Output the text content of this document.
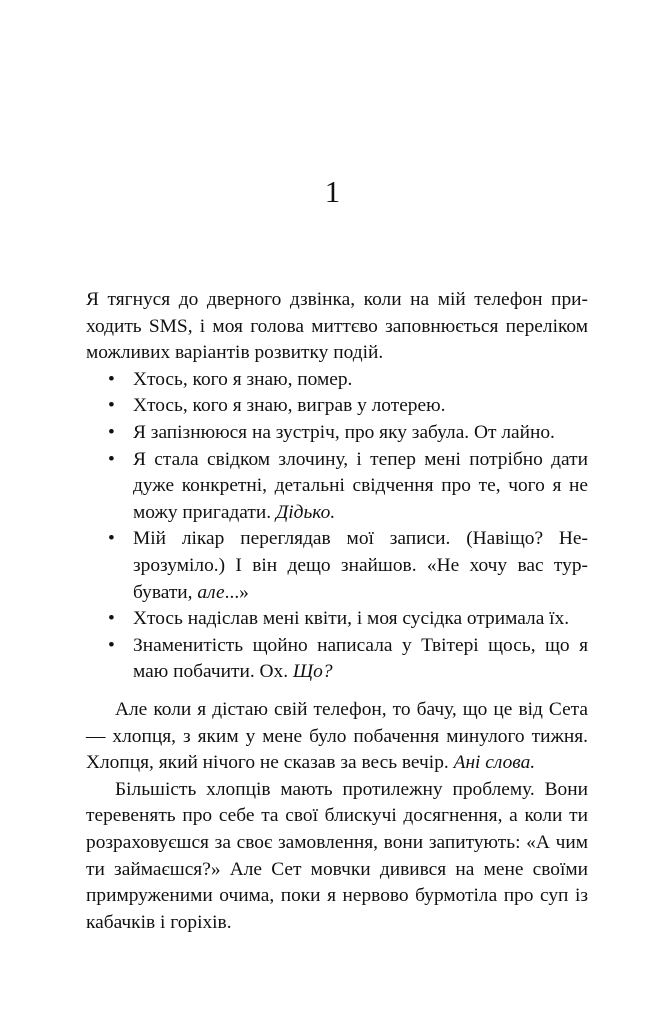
1

Я тягнуся до дверного дзвінка, коли на мій телефон приходить SMS, і моя голова миттєво заповнюється переліком можливих варіантів розвитку подій.

• Хтось, кого я знаю, помер.
• Хтось, кого я знаю, виграв у лотерею.
• Я запізнююся на зустріч, про яку забула. От лайно.
• Я стала свідком злочину, і тепер мені потрібно дати дуже конкретні, детальні свідчення про те, чого я не можу пригадати. Дідько.
• Мій лікар переглядав мої записи. (Навіщо? Незрозуміло.) І він дещо знайшов. «Не хочу вас турбувати, але...»
• Хтось надіслав мені квіти, і моя сусідка отримала їх.
• Знаменитість щойно написала у Твітері щось, що я маю побачити. Ох. Що?

Але коли я дістаю свій телефон, то бачу, що це від Сета — хлопця, з яким у мене було побачення минулого тижня. Хлопця, який нічого не сказав за весь вечір. Ані слова.

Більшість хлопців мають протилежну проблему. Вони теревенять про себе та свої блискучі досягнення, а коли ти розраховуєшся за своє замовлення, вони запитують: «А чим ти займаєшся?» Але Сет мовчки дивився на мене своїми примруженими очима, поки я нервово бурмотіла про суп із кабачків і горіхів.
